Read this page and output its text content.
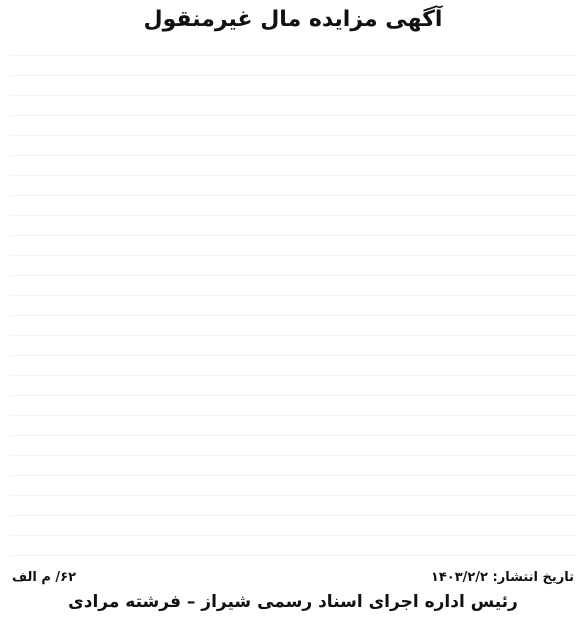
آگهی مزایده مال غیرمنقول
تاریخ انتشار: ۱۴۰۳/۲/۲
۶۲/ م الف
رئیس اداره اجرای اسناد رسمی شیراز – فرشته مرادی
